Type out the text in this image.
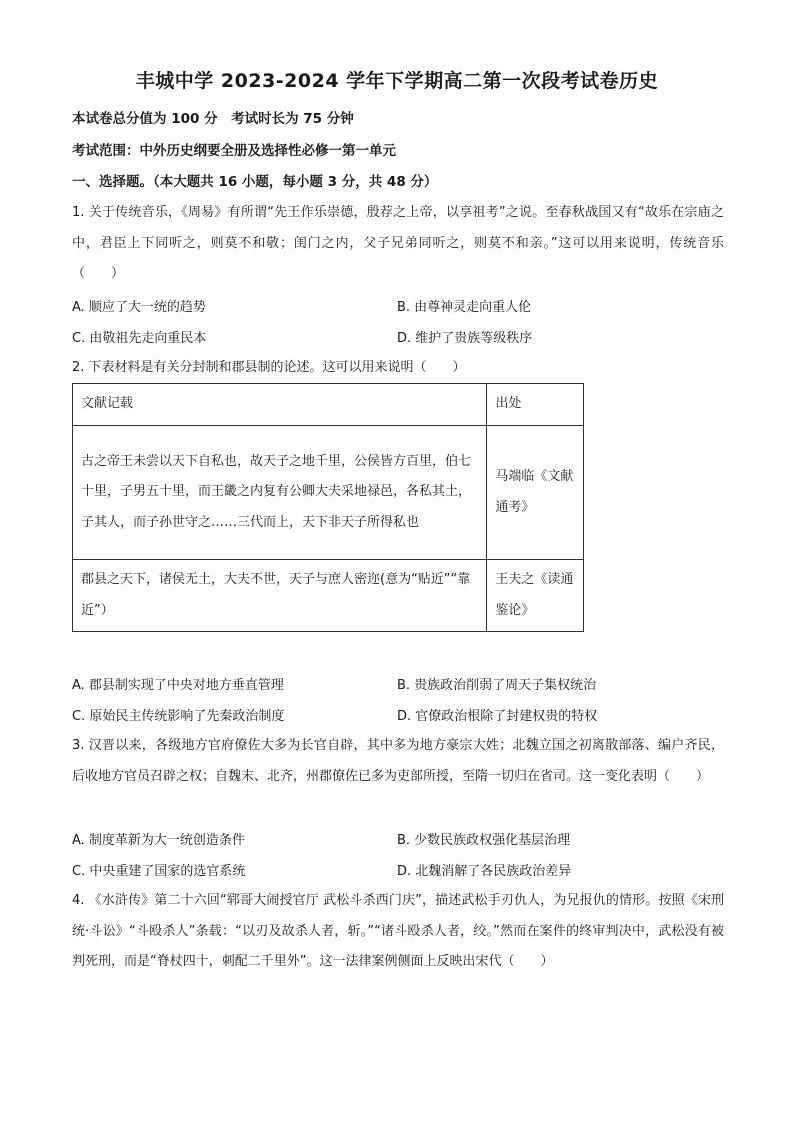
丰城中学 2023-2024 学年下学期高二第一次段考试卷历史
本试卷总分值为 100 分　考试时长为 75 分钟
考试范围：中外历史纲要全册及选择性必修一第一单元
一、选择题。（本大题共 16 小题，每小题 3 分，共 48 分）
1. 关于传统音乐，《周易》有所谓“先王作乐崇德，殷荐之上帝，以享祖考”之说。至春秋战国又有“故乐在宗庙之中，君臣上下同听之，则莫不和敬；闺门之内，父子兄弟同听之，则莫不和亲。”这可以用来说明，传统音乐（　　）
A. 顺应了大一统的趋势	B. 由尊神灵走向重人伦
C. 由敬祖先走向重民本	D. 维护了贵族等级秩序
2. 下表材料是有关分封制和郡县制的论述。这可以用来说明（　　）
文献记载	出处
古之帝王未尝以天下自私也，故天子之地千里，公侯皆方百里，伯七十里，子男五十里，而王畿之内复有公卿大夫采地禄邑，各私其土，子其人，而子孙世守之……三代而上，天下非天子所得私也	马端临《文献通考》
郡县之天下，诸侯无土，大夫不世，天子与庶人密迩(意为“贴近”“靠近”）	王夫之《读通鉴论》
A. 郡县制实现了中央对地方垂直管理	B. 贵族政治削弱了周天子集权统治
C. 原始民主传统影响了先秦政治制度	D. 官僚政治根除了封建权贵的特权
3. 汉晋以来，各级地方官府僚佐大多为长官自辟，其中多为地方豪宗大姓；北魏立国之初离散部落、编户齐民，后收地方官员召辟之权；自魏末、北齐，州郡僚佐已多为吏部所授，至隋一切归在省司。这一变化表明（　　）
A. 制度革新为大一统创造条件	B. 少数民族政权强化基层治理
C. 中央重建了国家的选官系统	D. 北魏消解了各民族政治差异
4. 《水浒传》第二十六回“郓哥大闹授官厅 武松斗杀西门庆”，描述武松手刃仇人，为兄报仇的情形。按照《宋刑统·斗讼》“斗殴杀人”条载：“以刃及故杀人者，斩。”“诸斗殴杀人者，绞。”然而在案件的终审判决中，武松没有被判死刑，而是“脊杖四十，刺配二千里外”。这一法律案例侧面上反映出宋代（　　）
